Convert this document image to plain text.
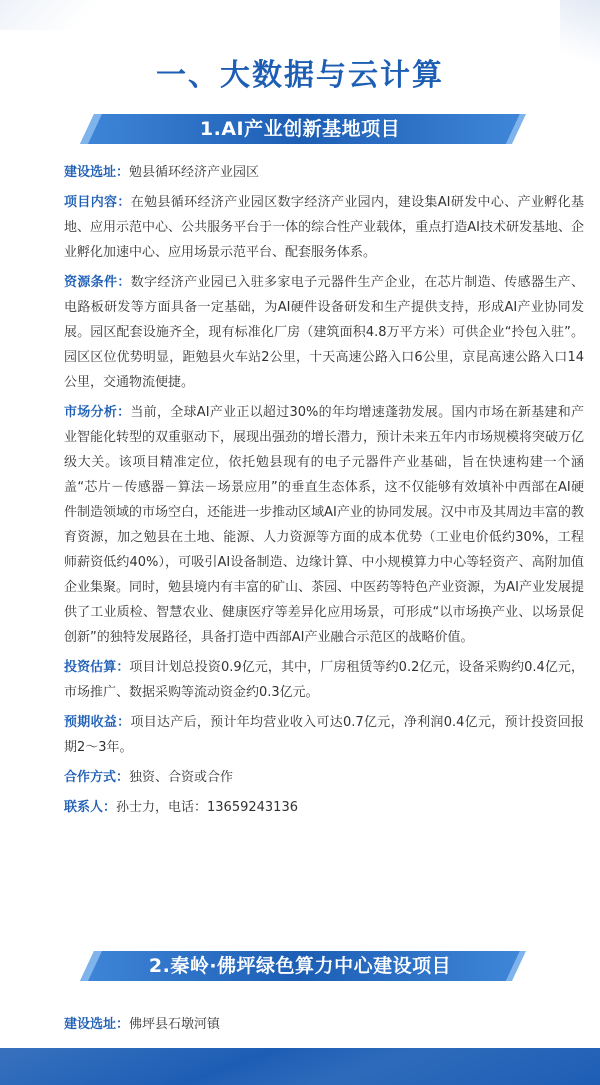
一、大数据与云计算
1.AI产业创新基地项目

建设选址：勉县循环经济产业园区

项目内容：在勉县循环经济产业园区数字经济产业园内，建设集AI研发中心、产业孵化基地、应用示范中心、公共服务平台于一体的综合性产业载体，重点打造AI技术研发基地、企业孵化加速中心、应用场景示范平台、配套服务体系。

资源条件：数字经济产业园已入驻多家电子元器件生产企业，在芯片制造、传感器生产、电路板研发等方面具备一定基础，为AI硬件设备研发和生产提供支持，形成AI产业协同发展。园区配套设施齐全，现有标准化厂房（建筑面积4.8万平方米）可供企业“拎包入驻”。园区区位优势明显，距勉县火车站2公里，十天高速公路入口6公里，京昆高速公路入口14公里，交通物流便捷。

市场分析：当前，全球AI产业正以超过30%的年均增速蓬勃发展。国内市场在新基建和产业智能化转型的双重驱动下，展现出强劲的增长潜力，预计未来五年内市场规模将突破万亿级大关。该项目精准定位，依托勉县现有的电子元器件产业基础，旨在快速构建一个涵盖“芯片－传感器－算法－场景应用”的垂直生态体系，这不仅能够有效填补中西部在AI硬件制造领域的市场空白，还能进一步推动区域AI产业的协同发展。汉中市及其周边丰富的教育资源，加之勉县在土地、能源、人力资源等方面的成本优势（工业电价低约30%，工程师薪资低约40%），可吸引AI设备制造、边缘计算、中小规模算力中心等轻资产、高附加值企业集聚。同时，勉县境内有丰富的矿山、茶园、中医药等特色产业资源，为AI产业发展提供了工业质检、智慧农业、健康医疗等差异化应用场景，可形成“以市场换产业、以场景促创新”的独特发展路径，具备打造中西部AI产业融合示范区的战略价值。

投资估算：项目计划总投资0.9亿元，其中，厂房租赁等约0.2亿元，设备采购约0.4亿元，市场推广、数据采购等流动资金约0.3亿元。

预期收益：项目达产后，预计年均营业收入可达0.7亿元，净利润0.4亿元，预计投资回报期2～3年。

合作方式：独资、合资或合作

联系人：孙士力，电话：13659243136

2.秦岭·佛坪绿色算力中心建设项目

建设选址：佛坪县石墩河镇
